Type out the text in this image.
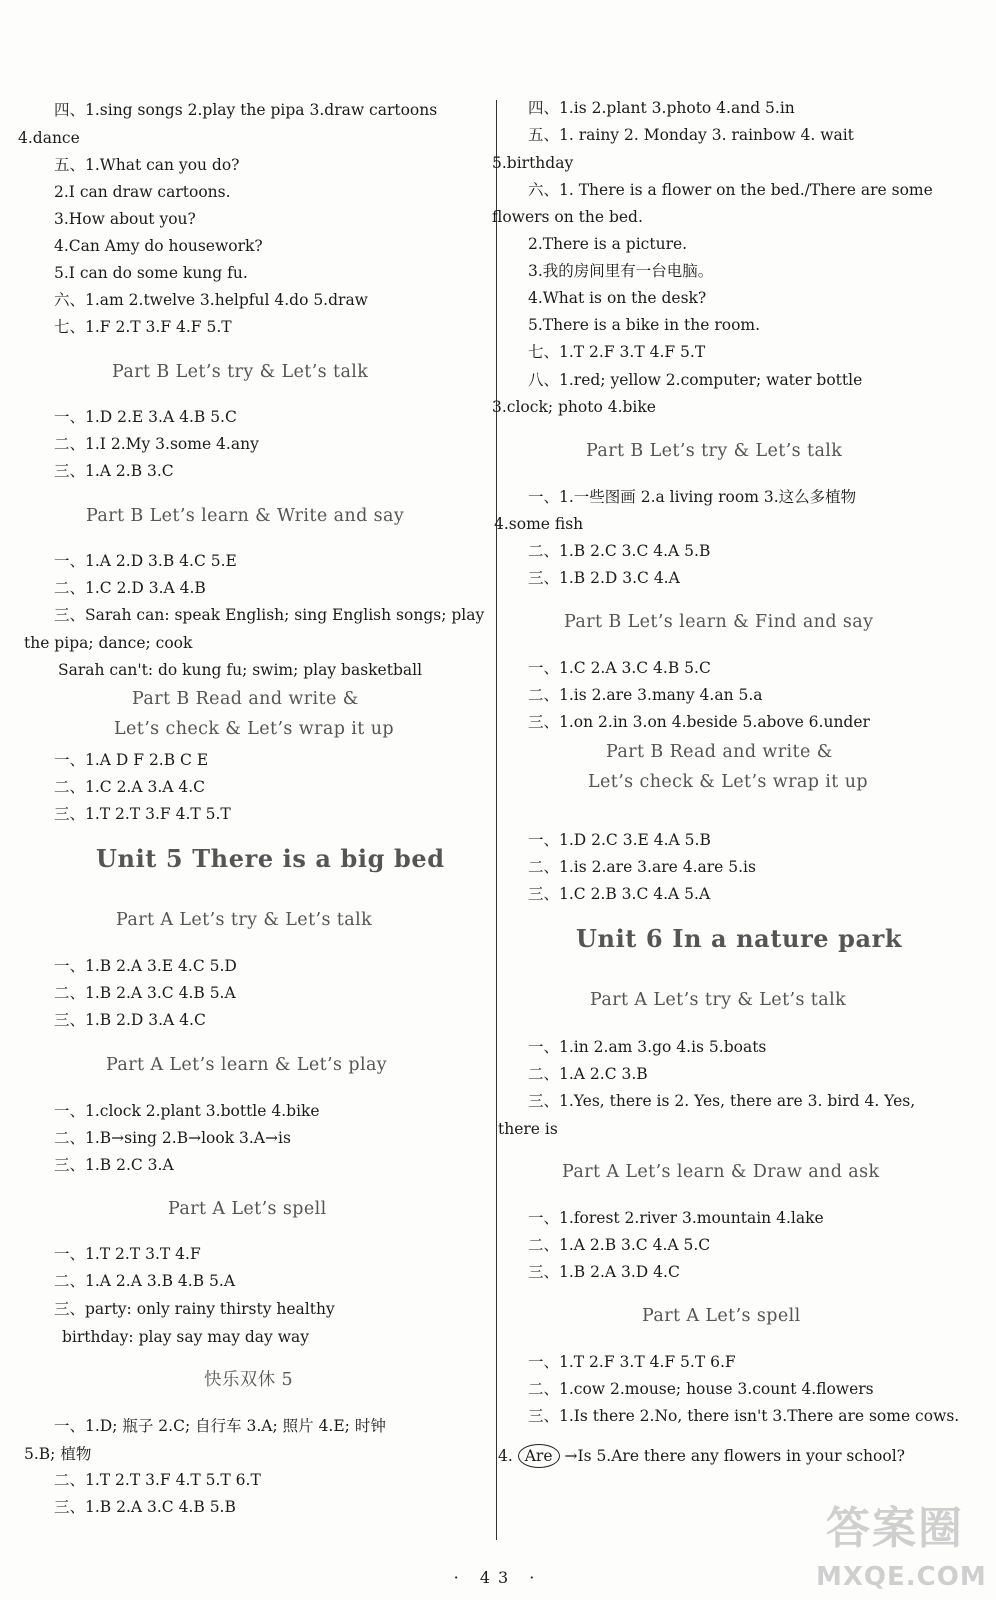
四、1.sing songs 2.play the pipa 3.draw cartoons
4.dance
五、1.What can you do?
2.I can draw cartoons.
3.How about you?
4.Can Amy do housework?
5.I can do some kung fu.
六、1.am 2.twelve 3.helpful 4.do 5.draw
七、1.F 2.T 3.F 4.F 5.T
Part B Let’s try & Let’s talk
一、1.D 2.E 3.A 4.B 5.C
二、1.I 2.My 3.some 4.any
三、1.A 2.B 3.C
Part B Let’s learn & Write and say
一、1.A 2.D 3.B 4.C 5.E
二、1.C 2.D 3.A 4.B
三、Sarah can: speak English; sing English songs; play
the pipa; dance; cook
Sarah can't: do kung fu; swim; play basketball
Part B Read and write &
Let’s check & Let’s wrap it up
一、1.A D F 2.B C E
二、1.C 2.A 3.A 4.C
三、1.T 2.T 3.F 4.T 5.T
Unit 5 There is a big bed
Part A Let’s try & Let’s talk
一、1.B 2.A 3.E 4.C 5.D
二、1.B 2.A 3.C 4.B 5.A
三、1.B 2.D 3.A 4.C
Part A Let’s learn & Let’s play
一、1.clock 2.plant 3.bottle 4.bike
二、1.B→sing 2.B→look 3.A→is
三、1.B 2.C 3.A
Part A Let’s spell
一、1.T 2.T 3.T 4.F
二、1.A 2.A 3.B 4.B 5.A
三、party: only rainy thirsty healthy
birthday: play say may day way
快乐双休 5
一、1.D; 瓶子 2.C; 自行车 3.A; 照片 4.E; 时钟
5.B; 植物
二、1.T 2.T 3.F 4.T 5.T 6.T
三、1.B 2.A 3.C 4.B 5.B
四、1.is 2.plant 3.photo 4.and 5.in
五、1. rainy 2. Monday 3. rainbow 4. wait
5.birthday
六、1. There is a flower on the bed./There are some
flowers on the bed.
2.There is a picture.
3.我的房间里有一台电脑。
4.What is on the desk?
5.There is a bike in the room.
七、1.T 2.F 3.T 4.F 5.T
八、1.red; yellow 2.computer; water bottle
3.clock; photo 4.bike
Part B Let’s try & Let’s talk
一、1.一些图画 2.a living room 3.这么多植物
4.some fish
二、1.B 2.C 3.C 4.A 5.B
三、1.B 2.D 3.C 4.A
Part B Let’s learn & Find and say
一、1.C 2.A 3.C 4.B 5.C
二、1.is 2.are 3.many 4.an 5.a
三、1.on 2.in 3.on 4.beside 5.above 6.under
Part B Read and write &
Let’s check & Let’s wrap it up
一、1.D 2.C 3.E 4.A 5.B
二、1.is 2.are 3.are 4.are 5.is
三、1.C 2.B 3.C 4.A 5.A
Unit 6 In a nature park
Part A Let’s try & Let’s talk
一、1.in 2.am 3.go 4.is 5.boats
二、1.A 2.C 3.B
三、1.Yes, there is 2. Yes, there are 3. bird 4. Yes,
there is
Part A Let’s learn & Draw and ask
一、1.forest 2.river 3.mountain 4.lake
二、1.A 2.B 3.C 4.A 5.C
三、1.B 2.A 3.D 4.C
Part A Let’s spell
一、1.T 2.F 3.T 4.F 5.T 6.F
二、1.cow 2.mouse; house 3.count 4.flowers
三、1.Is there 2.No, there isn't 3.There are some cows.
4. Are →Is 5.Are there any flowers in your school?
· 43 ·
答案圈
MXQE.COM
